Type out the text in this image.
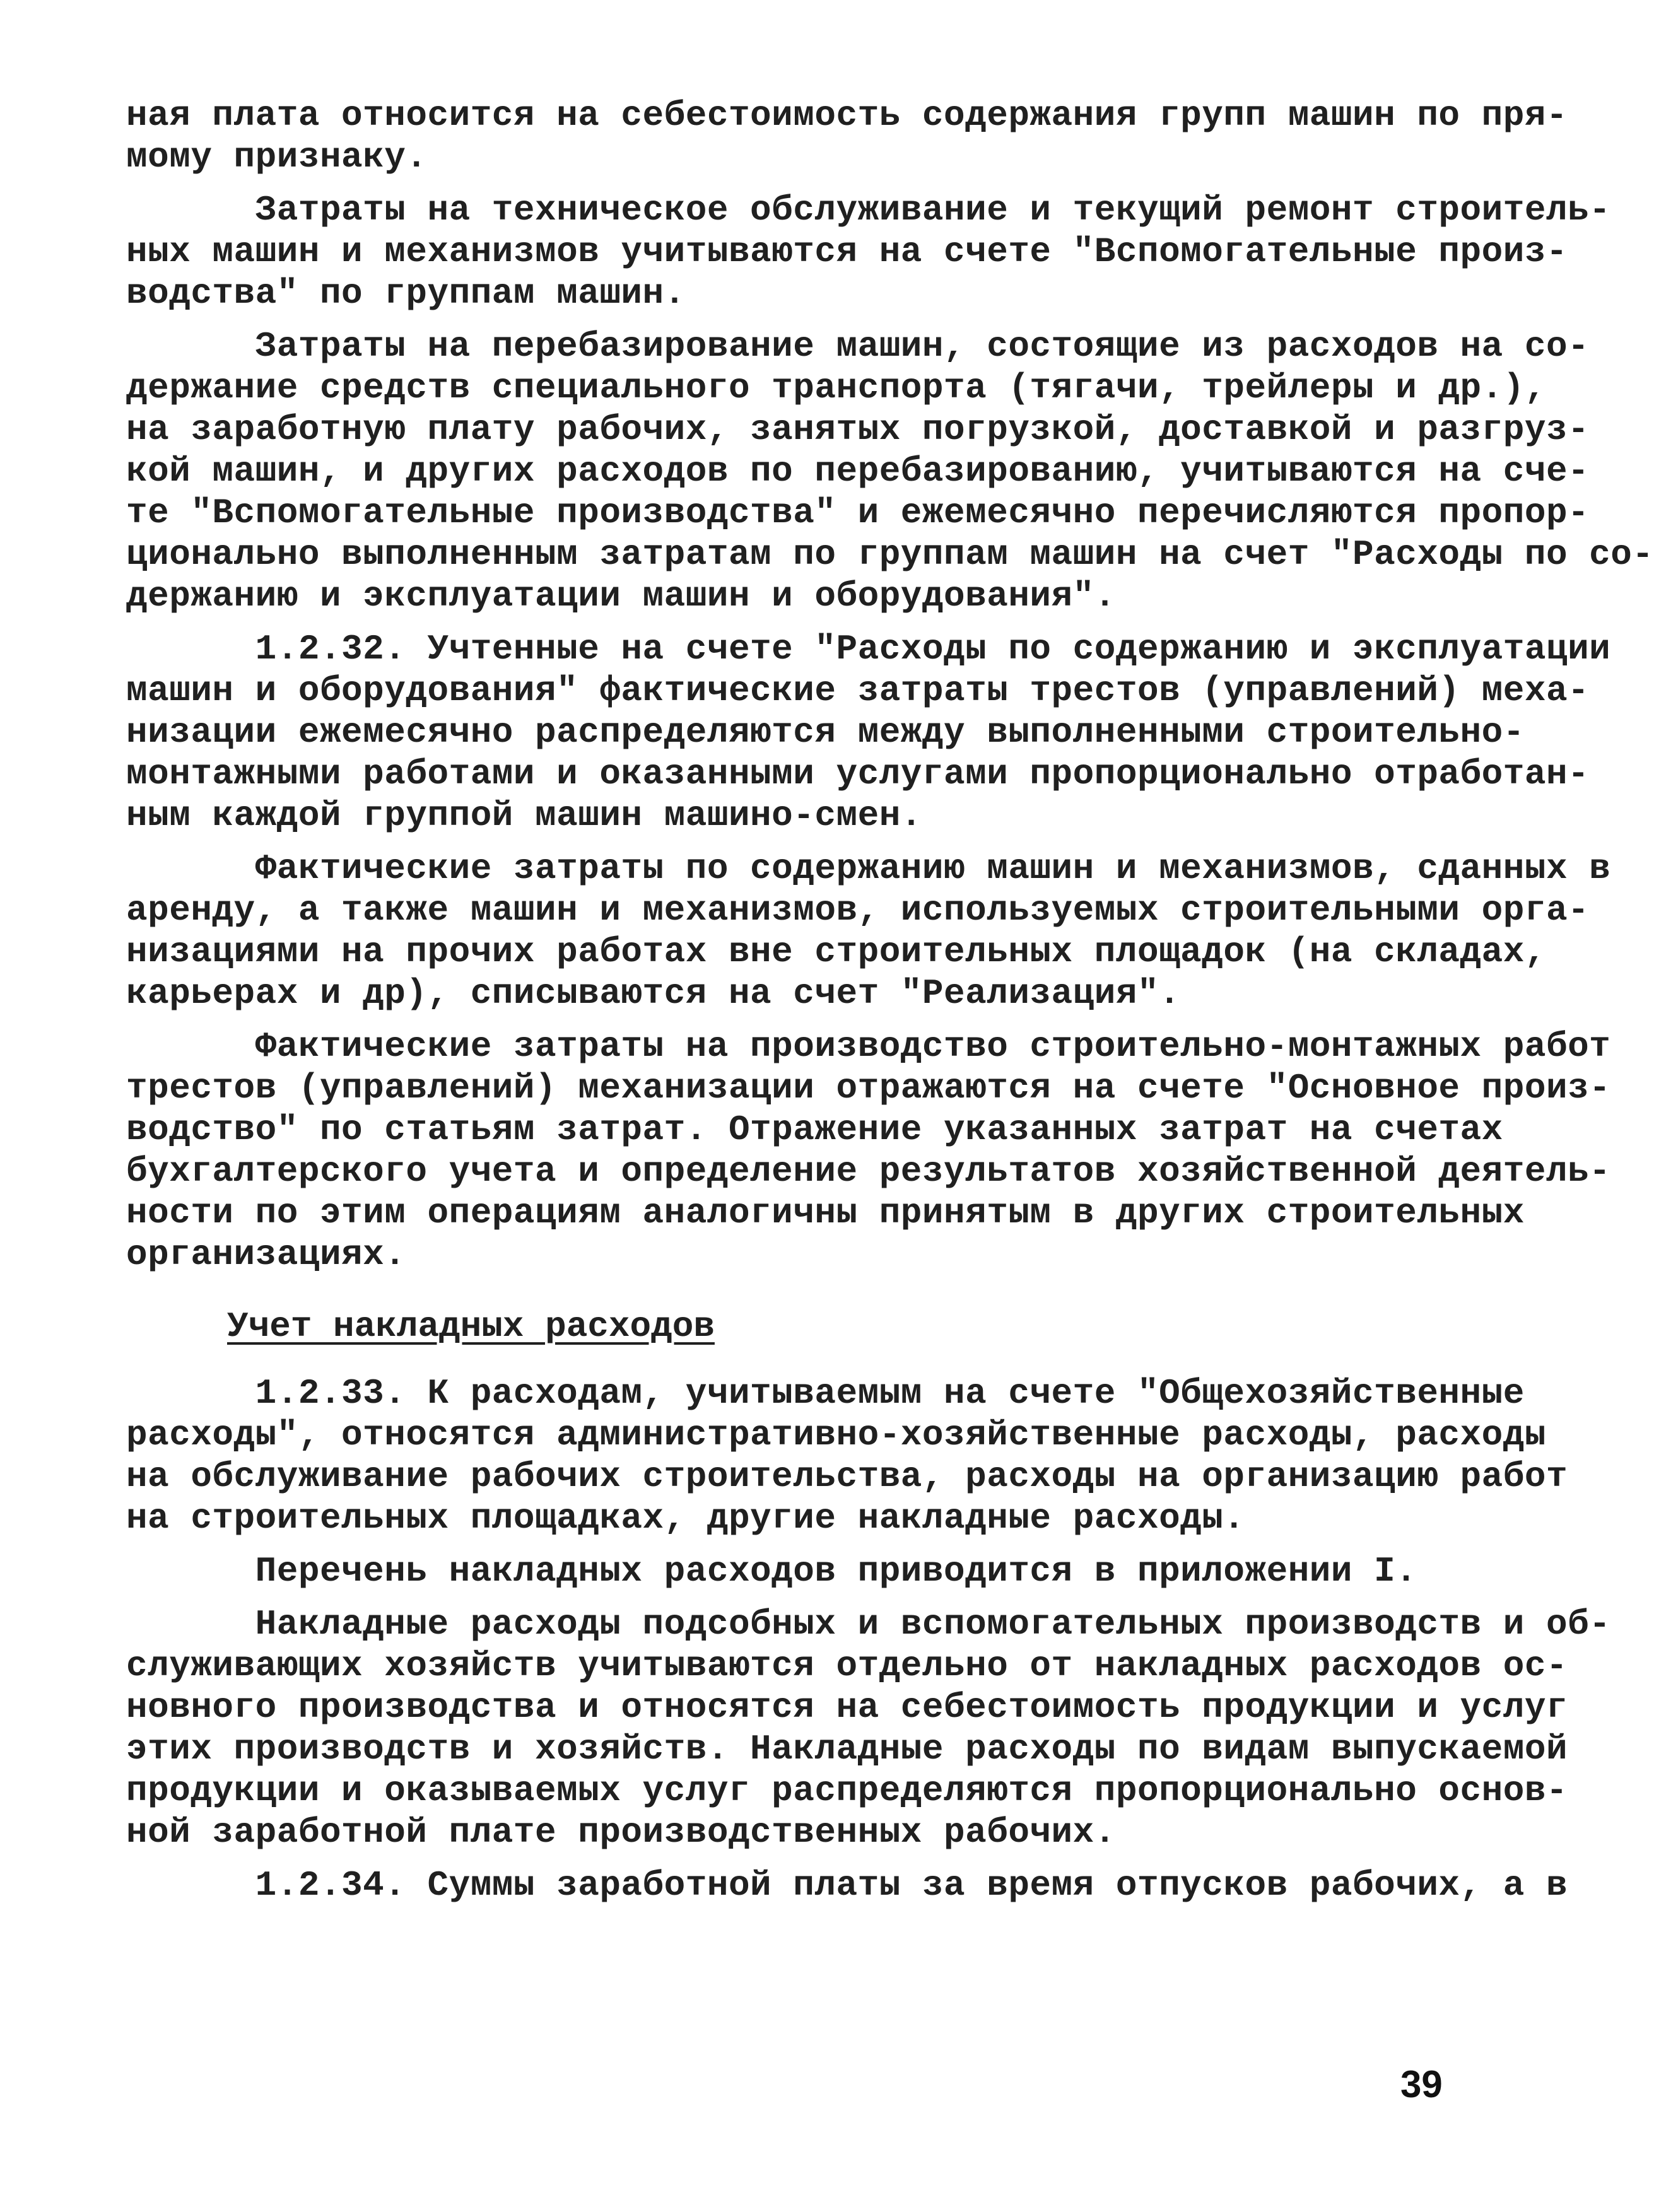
ная плата относится на себестоимость содержания групп машин по пря-
мому признаку.
Затраты на техническое обслуживание и текущий ремонт строитель-
ных машин и механизмов учитываются на счете "Вспомогательные произ-
водства" по группам машин.
Затраты на перебазирование машин, состоящие из расходов на со-
держание средств специального транспорта (тягачи, трейлеры и др.),
на заработную плату рабочих, занятых погрузкой, доставкой и разгруз-
кой машин, и других расходов по перебазированию, учитываются на сче-
те "Вспомогательные производства" и ежемесячно перечисляются пропор-
ционально выполненным затратам по группам машин на счет "Расходы по со-
держанию и эксплуатации машин и оборудования".
1.2.32. Учтенные на счете "Расходы по содержанию и эксплуатации
машин и оборудования" фактические затраты трестов (управлений) меха-
низации ежемесячно распределяются между выполненными строительно-
монтажными работами и оказанными услугами пропорционально отработан-
ным каждой группой машин машино-смен.
Фактические затраты по содержанию машин и механизмов, сданных в
аренду, а также машин и механизмов, используемых строительными орга-
низациями на прочих работах вне строительных площадок (на складах,
карьерах и др), списываются на счет "Реализация".
Фактические затраты на производство строительно-монтажных работ
трестов (управлений) механизации отражаются на счете "Основное произ-
водство" по статьям затрат. Отражение указанных затрат на счетах
бухгалтерского учета и определение результатов хозяйственной деятель-
ности по этим операциям аналогичны принятым в других строительных
организациях.
Учет накладных расходов
1.2.33. К расходам, учитываемым на счете "Общехозяйственные
расходы", относятся административно-хозяйственные расходы, расходы
на обслуживание рабочих строительства, расходы на организацию работ
на строительных площадках, другие накладные расходы.
Перечень накладных расходов приводится в приложении I.
Накладные расходы подсобных и вспомогательных производств и об-
служивающих хозяйств учитываются отдельно от накладных расходов ос-
новного производства и относятся на себестоимость продукции и услуг
этих производств и хозяйств. Накладные расходы по видам выпускаемой
продукции и оказываемых услуг распределяются пропорционально основ-
ной заработной плате производственных рабочих.
1.2.34. Суммы заработной платы за время отпусков рабочих, а в
39
